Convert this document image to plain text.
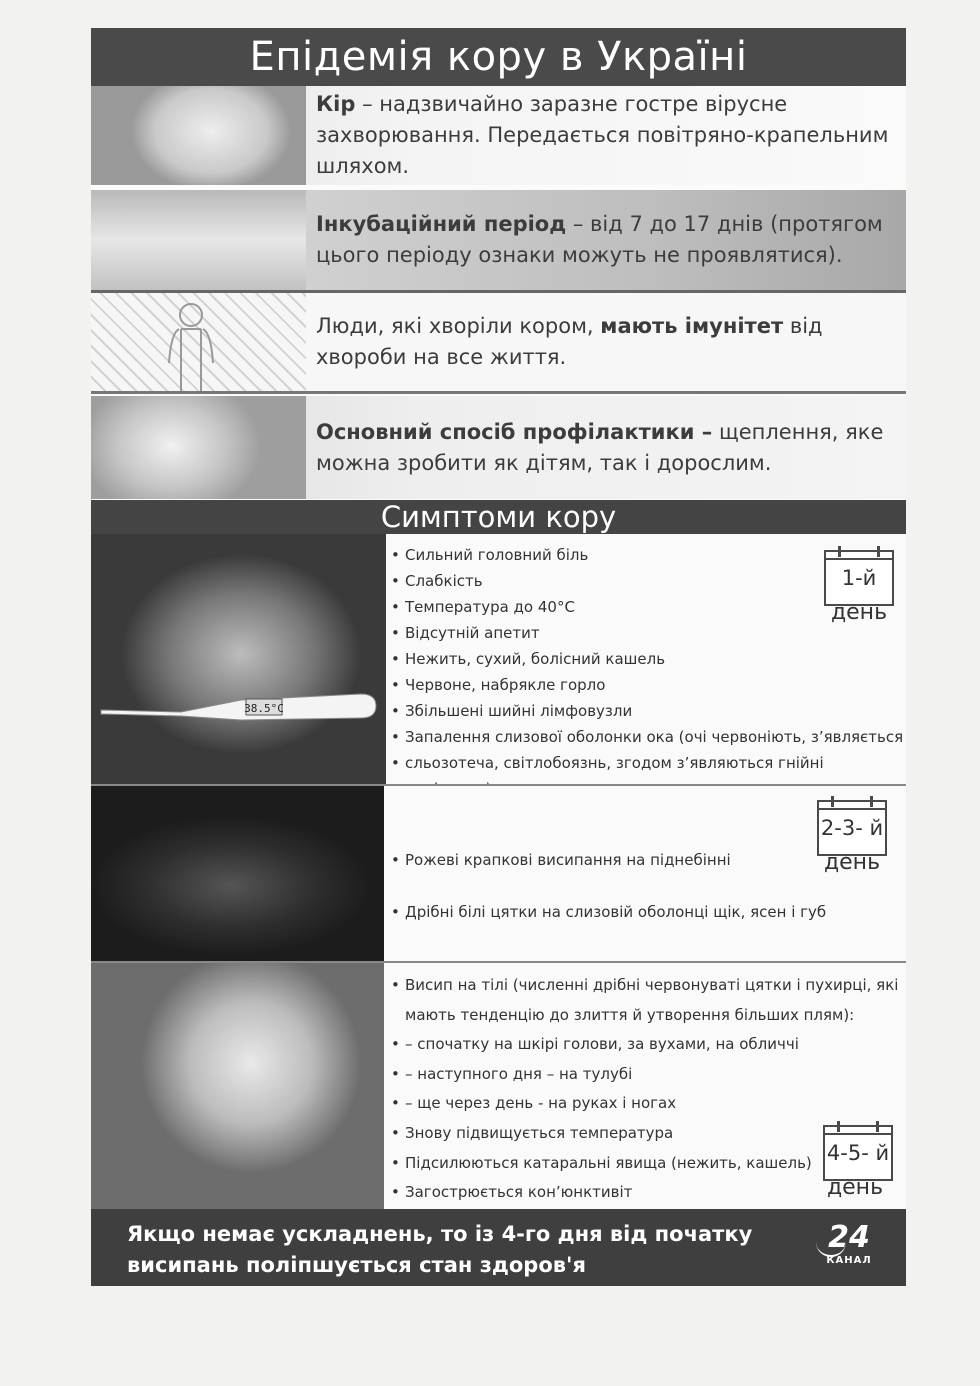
Епідемія кору в Україні
Кір – надзвичайно заразне гостре вірусне захворювання. Передається повітряно-крапельним шляхом.
Інкубаційний період – від 7 до 17 днів (протягом цього періоду ознаки можуть не проявлятися).
Люди, які хворіли кором, мають імунітет від хвороби на все життя.
Основний спосіб профілактики – щеплення, яке можна зробити як дітям, так і дорослим.
Симптоми кору
38.5°C
• Сильний головний біль
• Слабкість
• Температура до 40°С
• Відсутній апетит
• Нежить, сухий, болісний кашель
• Червоне, набрякле горло
• Збільшені шийні лімфовузли
• Запалення слизової оболонки ока (очі червоніють, з’являється
• сльозотеча, світлобоязнь, згодом з’являються гнійні
1-й
день
• Рожеві крапкові висипання на піднебінні
• Дрібні білі цятки на слизовій оболонці щік, ясен і губ
2-3- й
день
• Висип на тілі (численні дрібні червонуваті цятки і пухирці, які
мають тенденцію до злиття й утворення більших плям):
• – спочатку на шкірі голови, за вухами, на обличчі
• – наступного дня – на тулубі
• – ще через день - на руках і ногах
• Знову підвищується температура
• Підсилюються катаральні явища (нежить, кашель)
• Загострюється кон’юнктивіт
4-5- й
день
Якщо немає ускладнень, то із 4-го дня від початку висипань поліпшується стан здоров'я
24
КАНАЛ
